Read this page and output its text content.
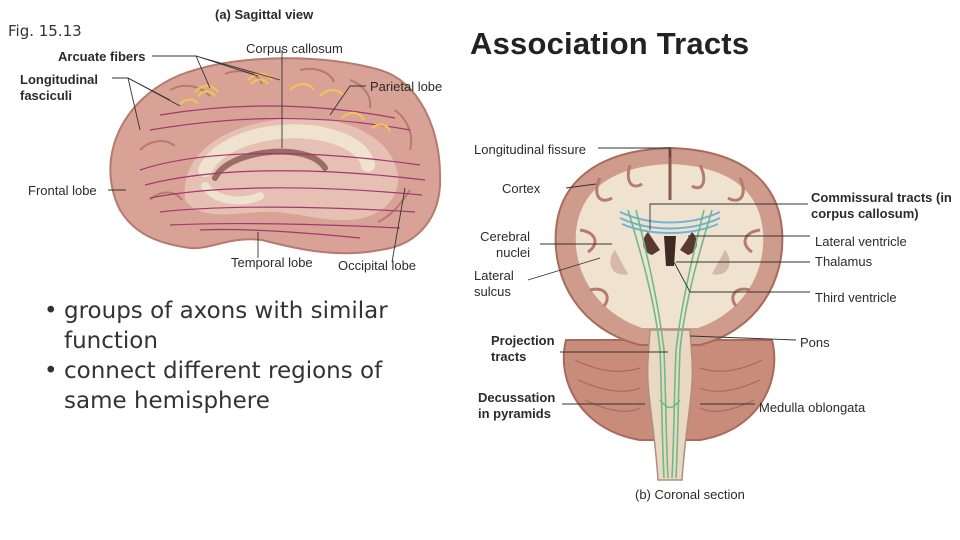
Fig. 15.13
(a) Sagittal view
Association Tracts
Arcuate fibers
Longitudinal fasciculi
Corpus callosum
Parietal lobe
Frontal lobe
Temporal lobe Occipital lobe
• groups of axons with similar function
• connect different regions of same hemisphere
Longitudinal fissure
Cortex
Commissural tracts (in corpus callosum)
Cerebral nuclei
Lateral ventricle
Thalamus
Lateral sulcus	Third ventricle
Projection tracts
Pons
Decussation in pyramids	Medulla oblongata
(b) Coronal section
